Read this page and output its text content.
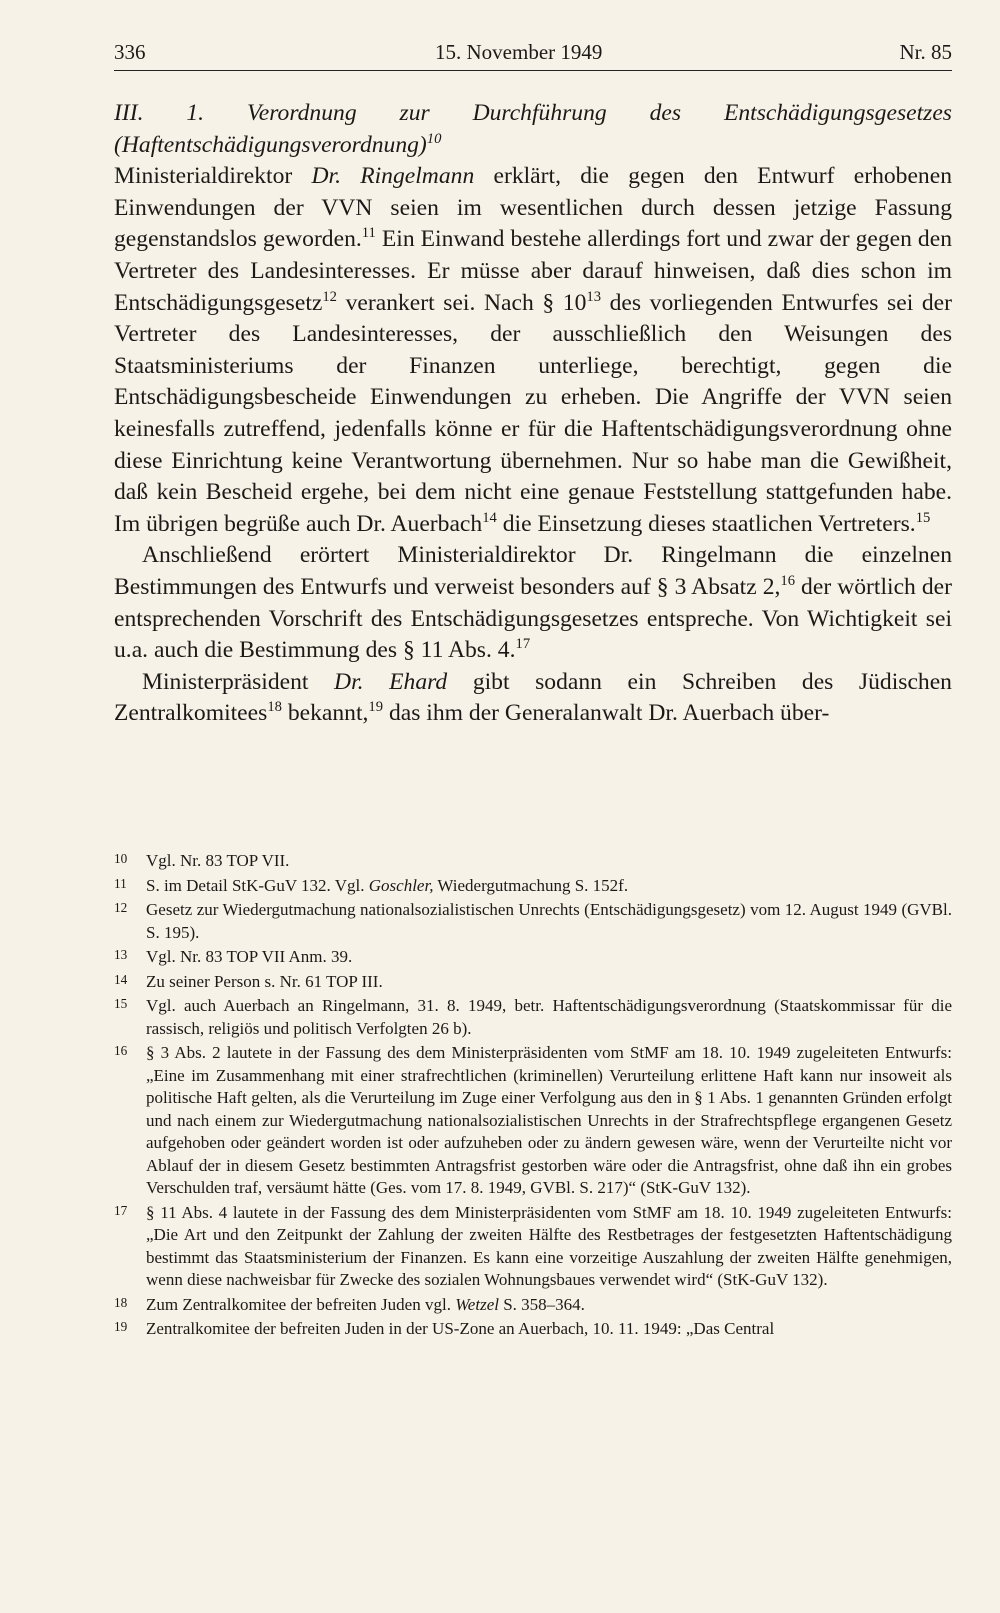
336	15. November 1949	Nr. 85

III. 1. Verordnung zur Durchführung des Entschädigungsgesetzes (Haftentschädigungsverordnung)$^{10}$

Ministerialdirektor Dr. Ringelmann erklärt, die gegen den Entwurf erhobenen Einwendungen der VVN seien im wesentlichen durch dessen jetzige Fassung gegenstandslos geworden.$^{11}$ Ein Einwand bestehe allerdings fort und zwar der gegen den Vertreter des Landesinteresses. Er müsse aber darauf hinweisen, daß dies schon im Entschädigungsgesetz$^{12}$ verankert sei. Nach § $10^{13}$ des vorliegenden Entwurfes sei der Vertreter des Landesinteresses, der ausschließlich den Weisungen des Staatsministeriums der Finanzen unterliege, berechtigt, gegen die Entschädigungsbescheide Einwendungen zu erheben. Die Angriffe der VVN seien keinesfalls zutreffend, jedenfalls könne er für die Haftentschädigungsverordnung ohne diese Einrichtung keine Verantwortung übernehmen. Nur so habe man die Gewißheit, daß kein Bescheid ergehe, bei dem nicht eine genaue Feststellung stattgefunden habe. Im übrigen begrüße auch Dr. Auerbach$^{14}$ die Einsetzung dieses staatlichen Vertreters.$^{15}$

Anschließend erörtert Ministerialdirektor Dr. Ringelmann die einzelnen Bestimmungen des Entwurfs und verweist besonders auf § 3 Absatz 2,16 der wörtlich der entsprechenden Vorschrift des Entschädigungsgesetzes entspreche. Von Wichtigkeit sei u.a. auch die Bestimmung des § 11 Abs. 4.17

Ministerpräsident Dr. Ehard gibt sodann ein Schreiben des Jüdischen Zentralkomitees$^{18}$ bekannt,$^{19}$ das ihm der Generalanwalt Dr. Auerbach über-

10 Vgl. Nr. 83 TOP VII.
11 S. im Detail StK-GuV 132. Vgl. Goschler, Wiedergutmachung S. 152f.
12 Gesetz zur Wiedergutmachung nationalsozialistischen Unrechts (Entschädigungsgesetz) vom 12. August 1949 (GVBl. S. 195).
13 Vgl. Nr. 83 TOP VII Anm. 39.
14 Zu seiner Person s. Nr. 61 TOP III.
15 Vgl. auch Auerbach an Ringelmann, 31. 8. 1949, betr. Haftentschädigungsverordnung (Staatskommissar für die rassisch, religiös und politisch Verfolgten 26 b).
16 § 3 Abs. 2 lautete in der Fassung des dem Ministerpräsidenten vom StMF am 18. 10. 1949 zugeleiteten Entwurfs: „Eine im Zusammenhang mit einer strafrechtlichen (kriminellen) Verurteilung erlittene Haft kann nur insoweit als politische Haft gelten, als die Verurteilung im Zuge einer Verfolgung aus den in § 1 Abs. 1 genannten Gründen erfolgt und nach einem zur Wiedergutmachung nationalsozialistischen Unrechts in der Strafrechtspflege ergangenen Gesetz aufgehoben oder geändert worden ist oder aufzuheben oder zu ändern gewesen wäre, wenn der Verurteilte nicht vor Ablauf der in diesem Gesetz bestimmten Antragsfrist gestorben wäre oder die Antragsfrist, ohne daß ihn ein grobes Verschulden traf, versäumt hätte (Ges. vom 17. 8. 1949, GVBl. S. 217)“ (StK-GuV 132).
17 § 11 Abs. 4 lautete in der Fassung des dem Ministerpräsidenten vom StMF am 18. 10. 1949 zugeleiteten Entwurfs: „Die Art und den Zeitpunkt der Zahlung der zweiten Hälfte des Restbetrages der festgesetzten Haftentschädigung bestimmt das Staatsministerium der Finanzen. Es kann eine vorzeitige Auszahlung der zweiten Hälfte genehmigen, wenn diese nachweisbar für Zwecke des sozialen Wohnungsbaues verwendet wird“ (StK-GuV 132).
18 Zum Zentralkomitee der befreiten Juden vgl. Wetzel S. 358–364.
19 Zentralkomitee der befreiten Juden in der US-Zone an Auerbach, 10. 11. 1949: „Das Central
